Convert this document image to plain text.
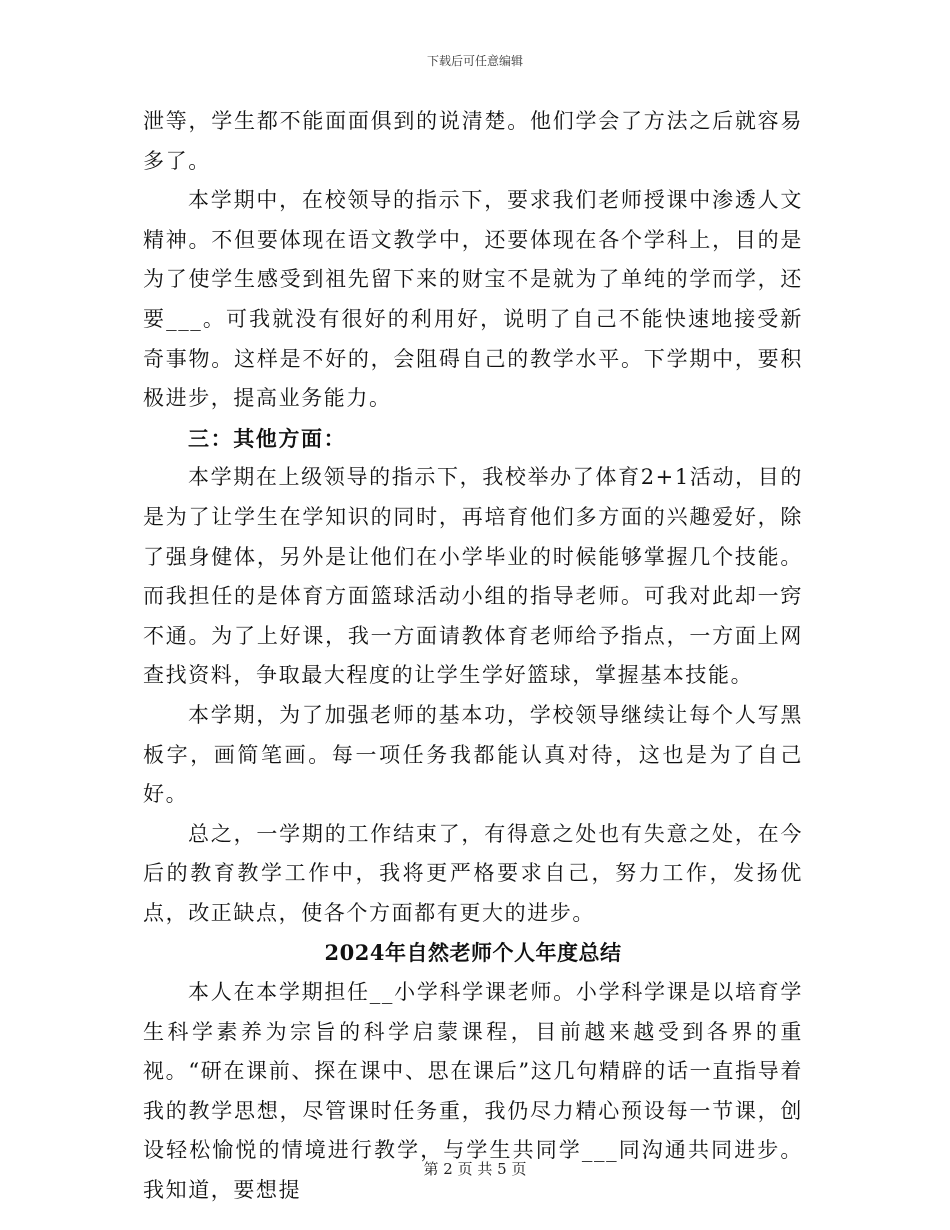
下载后可任意编辑

泄等，学生都不能面面俱到的说清楚。他们学会了方法之后就容易多了。

本学期中，在校领导的指示下，要求我们老师授课中渗透人文精神。不但要体现在语文教学中，还要体现在各个学科上，目的是为了使学生感受到祖先留下来的财宝不是就为了单纯的学而学，还要___。可我就没有很好的利用好，说明了自己不能快速地接受新奇事物。这样是不好的，会阻碍自己的教学水平。下学期中，要积极进步，提高业务能力。

三：其他方面：

本学期在上级领导的指示下，我校举办了体育2+1活动，目的是为了让学生在学知识的同时，再培育他们多方面的兴趣爱好，除了强身健体，另外是让他们在小学毕业的时候能够掌握几个技能。而我担任的是体育方面篮球活动小组的指导老师。可我对此却一窍不通。为了上好课，我一方面请教体育老师给予指点，一方面上网查找资料，争取最大程度的让学生学好篮球，掌握基本技能。

本学期，为了加强老师的基本功，学校领导继续让每个人写黑板字，画简笔画。每一项任务我都能认真对待，这也是为了自己好。

总之，一学期的工作结束了，有得意之处也有失意之处，在今后的教育教学工作中，我将更严格要求自己，努力工作，发扬优点，改正缺点，使各个方面都有更大的进步。

2024年自然老师个人年度总结

本人在本学期担任__小学科学课老师。小学科学课是以培育学生科学素养为宗旨的科学启蒙课程，目前越来越受到各界的重视。“研在课前、探在课中、思在课后”这几句精辟的话一直指导着我的教学思想，尽管课时任务重，我仍尽力精心预设每一节课，创设轻松愉悦的情境进行教学，与学生共同学___同沟通共同进步。我知道，要想提

第 2 页 共 5 页
